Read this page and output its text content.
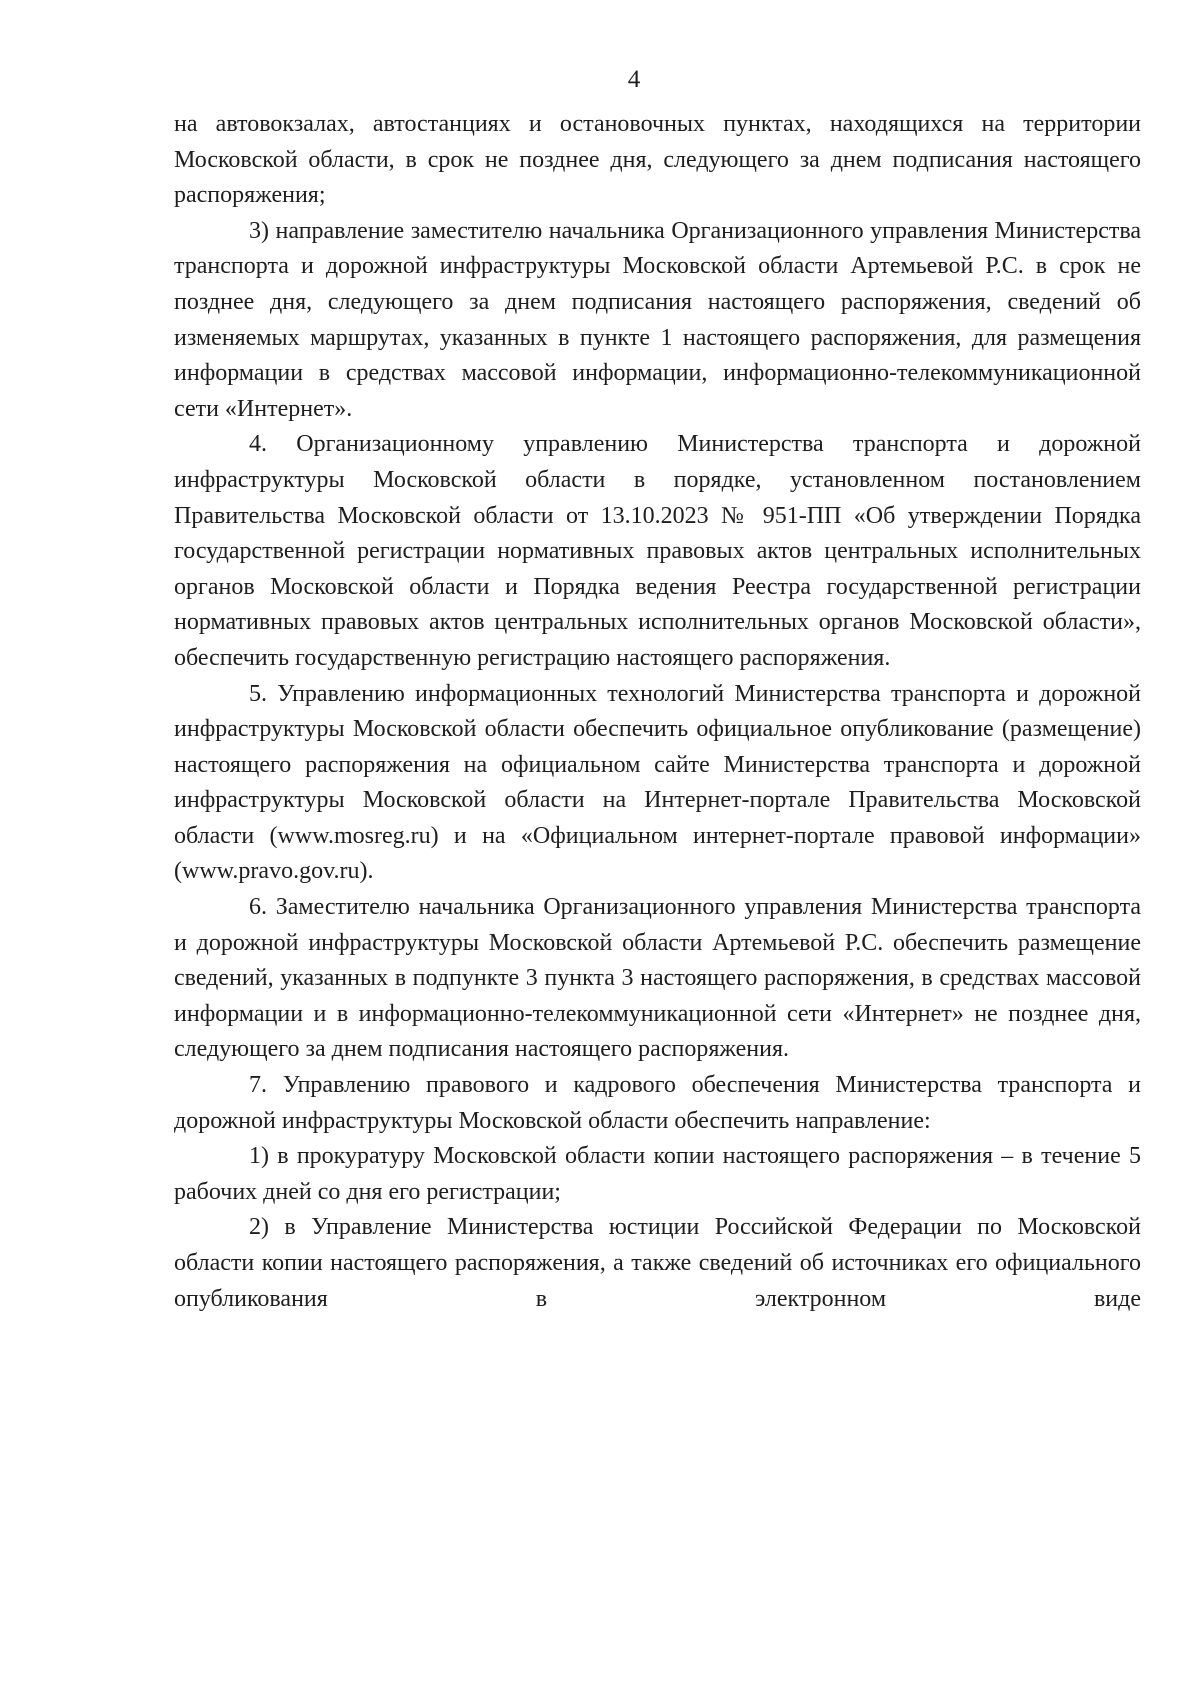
4

на автовокзалах, автостанциях и остановочных пунктах, находящихся на территории Московской области, в срок не позднее дня, следующего за днем подписания настоящего распоряжения;

3) направление заместителю начальника Организационного управления Министерства транспорта и дорожной инфраструктуры Московской области Артемьевой Р.С. в срок не позднее дня, следующего за днем подписания настоящего распоряжения, сведений об изменяемых маршрутах, указанных в пункте 1 настоящего распоряжения, для размещения информации в средствах массовой информации, информационно-телекоммуникационной сети «Интернет».

4. Организационному управлению Министерства транспорта и дорожной инфраструктуры Московской области в порядке, установленном постановлением Правительства Московской области от 13.10.2023 № 951-ПП «Об утверждении Порядка государственной регистрации нормативных правовых актов центральных исполнительных органов Московской области и Порядка ведения Реестра государственной регистрации нормативных правовых актов центральных исполнительных органов Московской области», обеспечить государственную регистрацию настоящего распоряжения.

5. Управлению информационных технологий Министерства транспорта и дорожной инфраструктуры Московской области обеспечить официальное опубликование (размещение) настоящего распоряжения на официальном сайте Министерства транспорта и дорожной инфраструктуры Московской области на Интернет-портале Правительства Московской области (www.mosreg.ru) и на «Официальном интернет-портале правовой информации» (www.pravo.gov.ru).

6. Заместителю начальника Организационного управления Министерства транспорта и дорожной инфраструктуры Московской области Артемьевой Р.С. обеспечить размещение сведений, указанных в подпункте 3 пункта 3 настоящего распоряжения, в средствах массовой информации и в информационно-телекоммуникационной сети «Интернет» не позднее дня, следующего за днем подписания настоящего распоряжения.

7. Управлению правового и кадрового обеспечения Министерства транспорта и дорожной инфраструктуры Московской области обеспечить направление:

1) в прокуратуру Московской области копии настоящего распоряжения – в течение 5 рабочих дней со дня его регистрации;

2) в Управление Министерства юстиции Российской Федерации по Московской области копии настоящего распоряжения, а также сведений об источниках его официального опубликования в электронном виде
